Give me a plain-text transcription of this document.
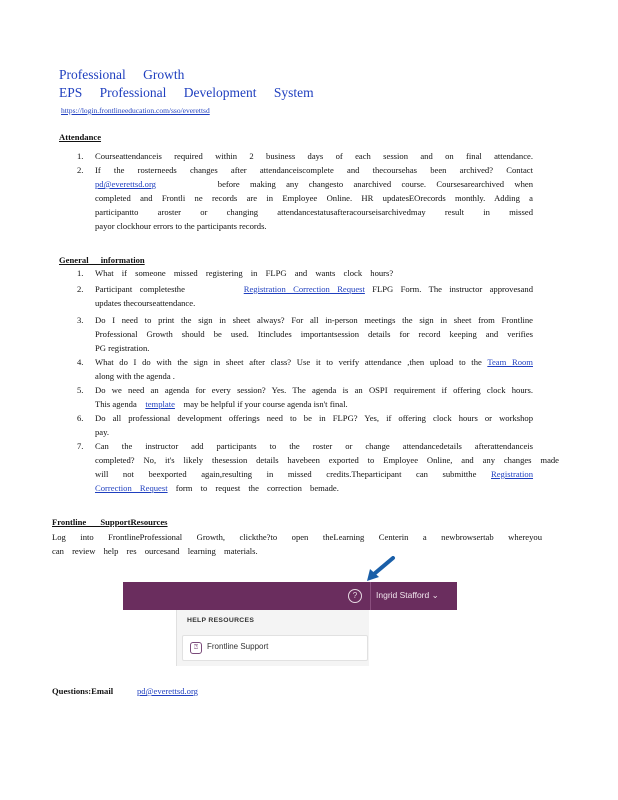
Professional Growth
EPS Professional Development System
https://login.frontlineeducation.com/sso/everettsd
Attendance
1. Courseattendanceis required within 2 business days of each session and on final attendance.
2. If the rosterneeds changes after attendanceiscomplete and thecoursehas been archived? Contact
pd@everettsd.org	before making any changesto anarchived course. Coursesarearchived when
completed and Frontli ne records are in Employee Online. HR updatesEOrecords monthly. Adding a
participantto aroster or changing attendancestatusafteracourseisarchivedmay result in missed
payor clockhour errors to the participants records.
General information
1. What if someone missed registering in FLPG and wants clock hours?
2. Participant completesthe	Registration Correction Request FLPG Form. The instructor approvesand
updates thecourseattendance.
3. Do I need to print the sign in sheet always? For all in-person meetings the sign in sheet from Frontline
Professional Growth should be used. Itincludes importantsession details for record keeping and verifies
PG registration.
4. What do I do with the sign in sheet after class? Use it to verify attendance ,then upload to the Team Room
along with the agenda .
5. Do we need an agenda for every session? Yes. The agenda is an OSPI requirement if offering clock hours.
This agenda template may be helpful if your course agenda isn't final.
6. Do all professional development offerings need to be in FLPG? Yes, if offering clock hours or workshop
pay.
7. Can the instructor add participants to the roster or change attendancedetails afterattendanceis
completed? No, it's likely thesession details havebeen exported to Employee Online, and any changes made
will not beexported again,resulting in missed credits.Theparticipant can submitthe Registration
Correction Request form to request the correction bemade.
Frontline SupportResources
Log into FrontlineProfessional Growth, clickthe?to open theLearning Centerin a newbrowsertab whereyou
can review help res ourcesand learning materials.
?	Ingrid Stafford ⌄
HELP RESOURCES
⍰	Frontline Support
Questions:Email	pd@everettsd.org
